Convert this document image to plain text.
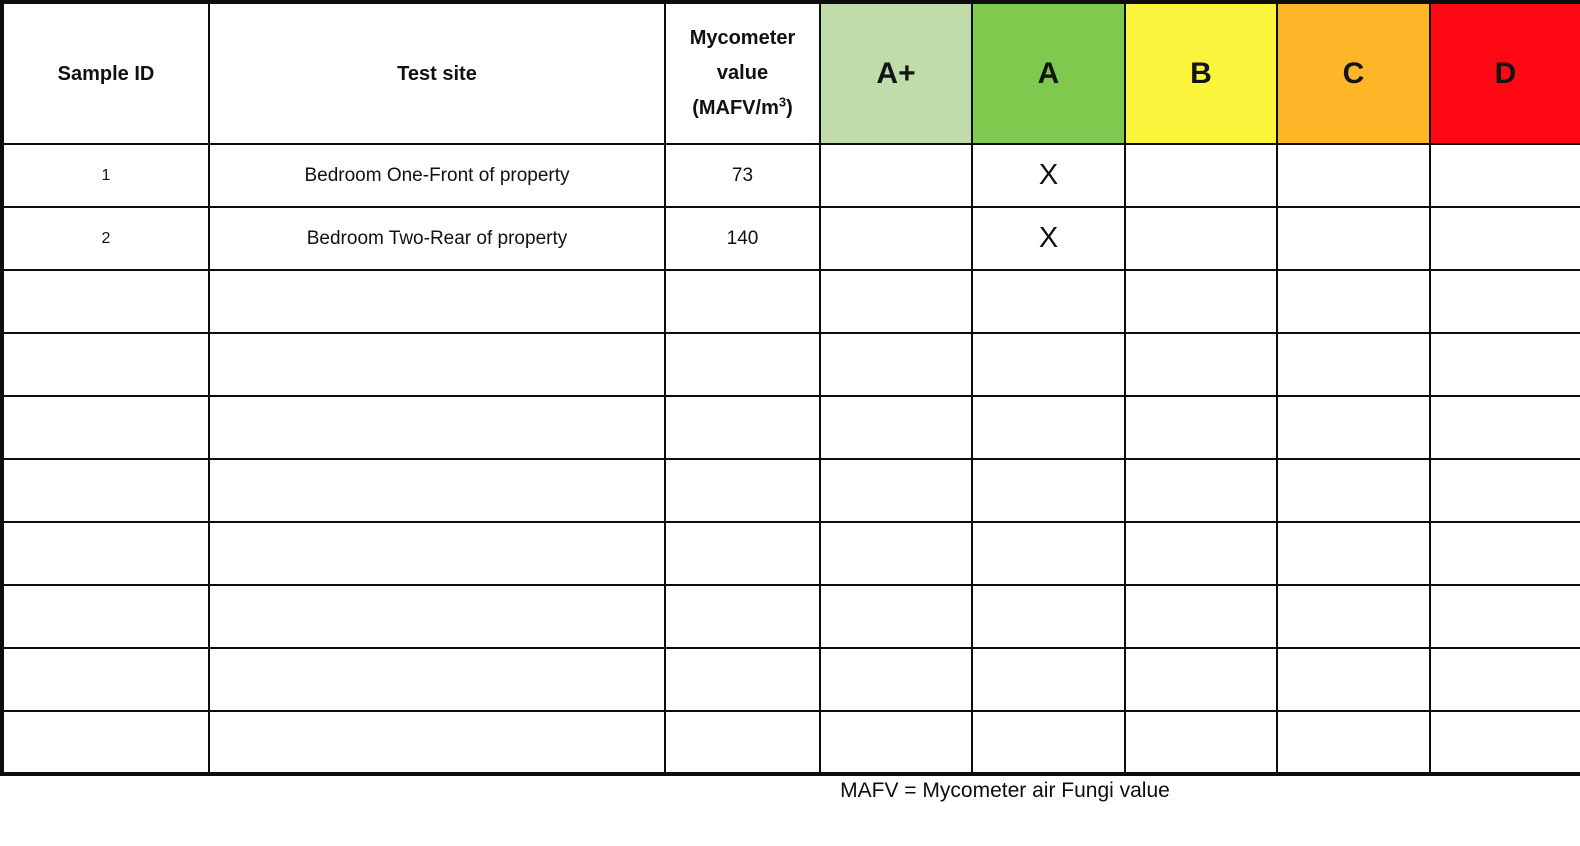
Sample ID	Test site	Mycometer
value
$(MAFV/m^3)$	A+	A	B	C	D
1	Bedroom One-Front of property	73		X			
2	Bedroom Two-Rear of property	140		X			

MAFV = Mycometer air Fungi value
